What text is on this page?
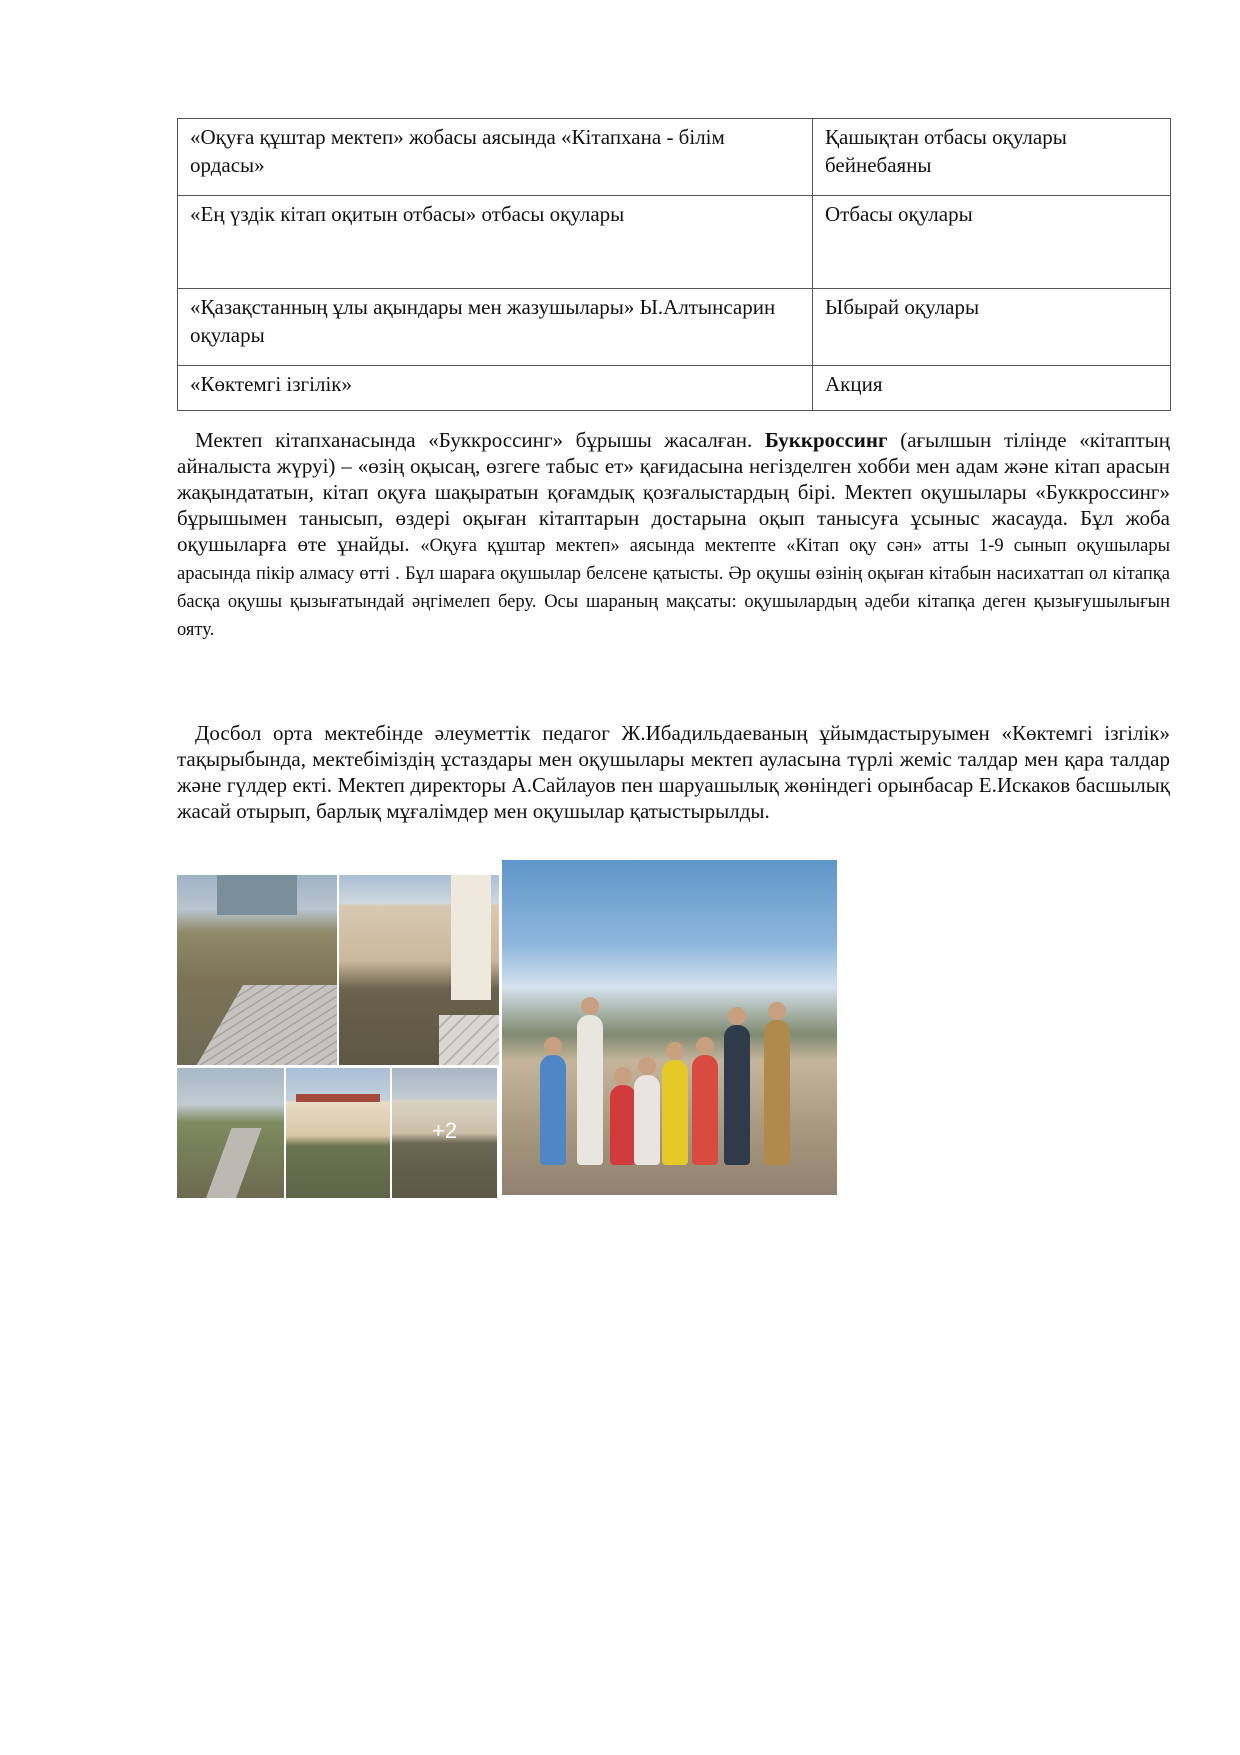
«Оқуға құштар мектеп» жобасы аясында «Кітапхана - білім ордасы»	Қашықтан отбасы оқулары бейнебаяны
«Ең үздік кітап оқитын отбасы» отбасы оқулары	Отбасы оқулары
«Қазақстанның ұлы ақындары мен жазушылары» Ы.Алтынсарин оқулары	Ыбырай оқулары
«Көктемгі ізгілік»	Акция

Мектеп кітапханасында «Буккроссинг» бұрышы жасалған. Буккроссинг (ағылшын тілінде «кітаптың айналыста жүруі) – «өзің оқысаң, өзгеге табыс ет» қағидасына негізделген хобби мен адам және кітап арасын жақындататын, кітап оқуға шақыратын қоғамдық қозғалыстардың бірі. Мектеп оқушылары «Буккроссинг» бұрышымен танысып, өздері оқыған кітаптарын достарына оқып танысуға ұсыныс жасауда. Бұл жоба оқушыларға өте ұнайды. «Оқуға құштар мектеп» аясында мектепте «Кітап оқу сән» атты 1-9 сынып оқушылары арасында пікір алмасу өтті . Бұл шараға оқушылар белсене қатысты. Әр оқушы өзінің оқыған кітабын насихаттап ол кітапқа басқа оқушы қызығатындай әңгімелеп беру. Осы шараның мақсаты: оқушылардың әдеби кітапқа деген қызығушылығын ояту.

Досбол орта мектебінде әлеуметтік педагог Ж.Ибадильдаеваның ұйымдастыруымен «Көктемгі ізгілік» тақырыбында, мектебіміздің ұстаздары мен оқушылары мектеп ауласына түрлі жеміс талдар мен қара талдар және гүлдер екті. Мектеп директоры А.Сайлауов пен шаруашылық жөніндегі орынбасар Е.Искаков басшылық жасай отырып, барлық мұғалімдер мен оқушылар қатыстырылды.

+2
